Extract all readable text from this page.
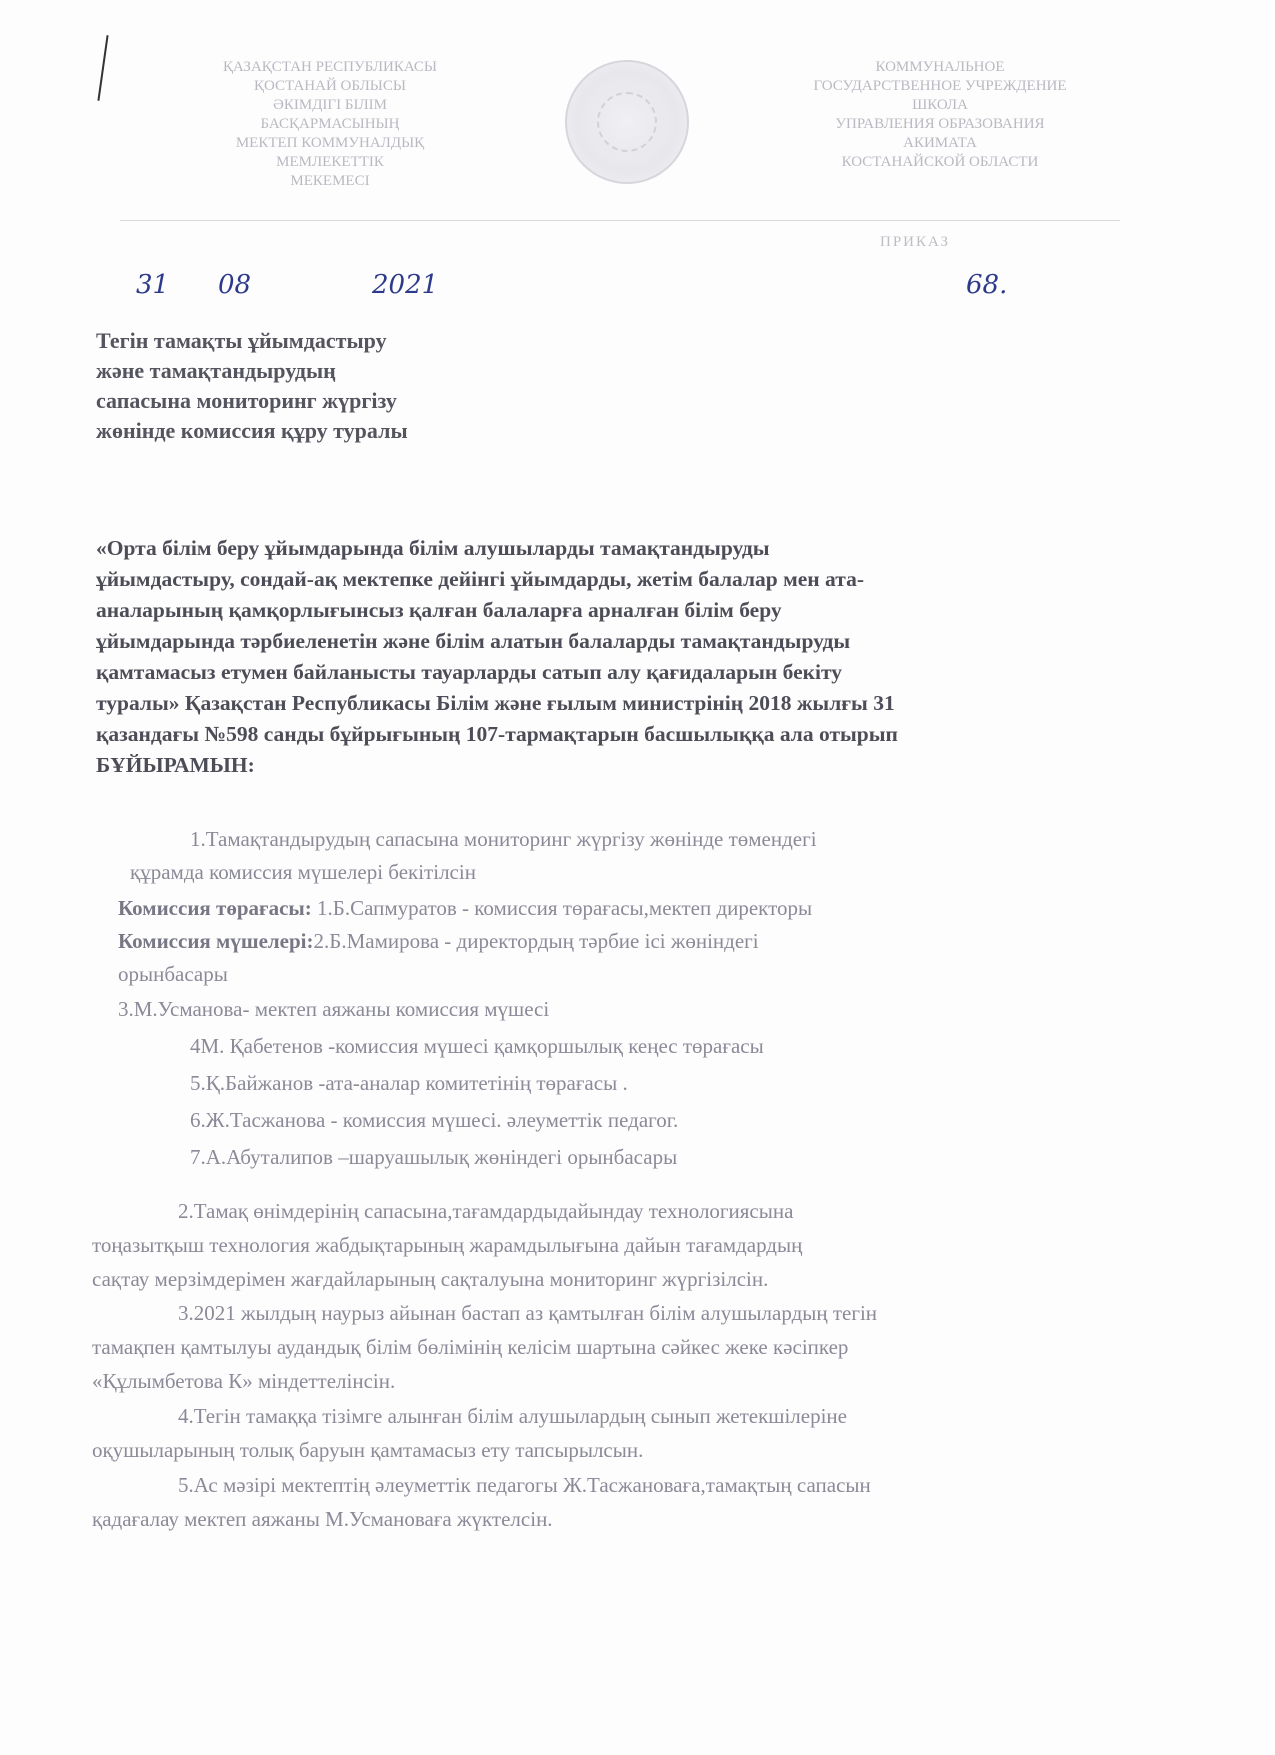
ҚАЗАҚСТАН РЕСПУБЛИКАСЫ
ҚОСТАНАЙ ОБЛЫСЫ
ӘКІМДІГІ БІЛІМ
БАСҚАРМАСЫНЫҢ
МЕКТЕП КОММУНАЛДЫҚ
МЕМЛЕКЕТТІК
МЕКЕМЕСІ
КОММУНАЛЬНОЕ
ГОСУДАРСТВЕННОЕ УЧРЕЖДЕНИЕ
ШКОЛА
УПРАВЛЕНИЯ ОБРАЗОВАНИЯ
АКИМАТА
КОСТАНАЙСКОЙ ОБЛАСТИ
ПРИКАЗ
31 08	2021	68.
Тегін тамақты ұйымдастыру
және тамақтандырудың
сапасына мониторинг жүргізу
жөнінде комиссия құру туралы
«Орта білім беру ұйымдарында білім алушыларды тамақтандыруды
ұйымдастыру, сондай-ақ мектепке дейінгі ұйымдарды, жетім балалар мен ата-
аналарының қамқорлығынсыз қалған балаларға арналған білім беру
ұйымдарында тәрбиеленетін және білім алатын балаларды тамақтандыруды
қамтамасыз етумен байланысты тауарларды сатып алу қағидаларын бекіту
туралы» Қазақстан Республикасы Білім және ғылым министрінің 2018 жылғы 31
қазандағы №598 санды бұйрығының 107-тармақтарын басшылыққа ала отырып
БҰЙЫРАМЫН:
1.Тамақтандырудың сапасына мониторинг жүргізу жөнінде төмендегі
құрамда комиссия мүшелері бекітілсін
Комиссия төрағасы: 1.Б.Сапмуратов - комиссия төрағасы,мектеп директоры
Комиссия мүшелері:2.Б.Мамирова - директордың тәрбие ісі жөніндегі
орынбасары
3.М.Усманова- мектеп аяжаны комиссия мүшесі
4М. Қабетенов -комиссия мүшесі қамқоршылық кеңес төрағасы
5.Қ.Байжанов -ата-аналар комитетінің төрағасы .
6.Ж.Тасжанова - комиссия мүшесі. әлеуметтік педагог.
7.А.Абуталипов –шаруашылық жөніндегі орынбасары
2.Тамақ өнімдерінің сапасына,тағамдардыдайындау технологиясына
тоңазытқыш технология жабдықтарының жарамдылығына дайын тағамдардың
сақтау мерзімдерімен жағдайларының сақталуына мониторинг жүргізілсін.
3.2021 жылдың наурыз айынан бастап аз қамтылған білім алушылардың тегін
тамақпен қамтылуы аудандық білім бөлімінің келісім шартына сәйкес жеке кәсіпкер
«Құлымбетова К» міндеттелінсін.
4.Тегін тамаққа тізімге алынған білім алушылардың сынып жетекшілеріне
оқушыларының толық баруын қамтамасыз ету тапсырылсын.
5.Ас мәзірі мектептің әлеуметтік педагогы Ж.Тасжановаға,тамақтың сапасын
қадағалау мектеп аяжаны М.Усмановаға жүктелсін.
